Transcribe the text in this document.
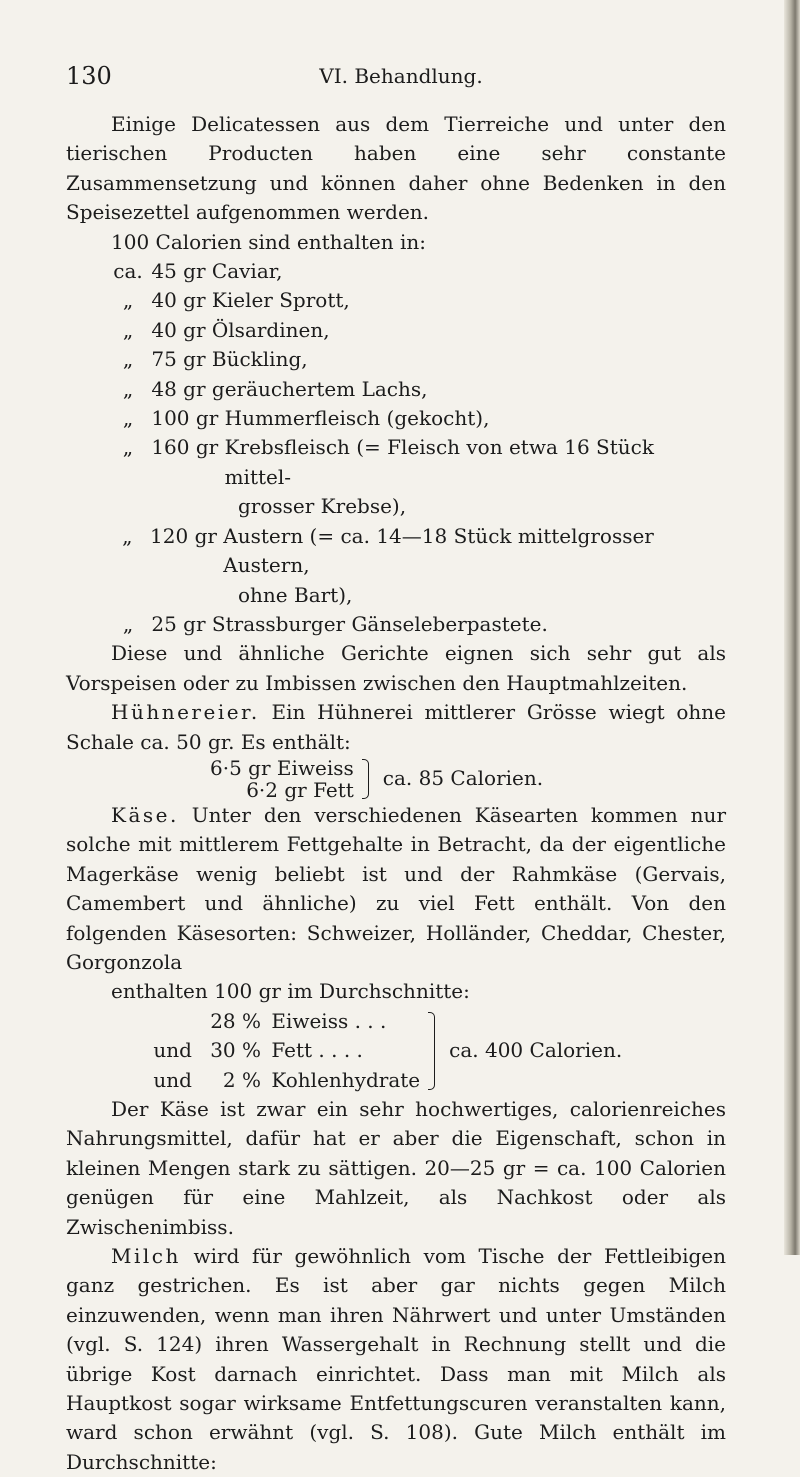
130	VI. Behandlung.

Einige Delicatessen aus dem Tierreiche und unter den tierischen Producten haben eine sehr constante Zusammensetzung und können daher ohne Bedenken in den Speisezettel aufgenommen werden.

100 Calorien sind enthalten in:

ca.
45 gr
Caviar,
„
40 gr
Kieler Sprott,
„
40 gr
Ölsardinen,
„
75 gr
Bückling,
„
48 gr
geräuchertem Lachs,
„
100 gr
Hummerfleisch (gekocht),
„
160 gr
Krebsfleisch (= Fleisch von etwa 16 Stück mittel-
grosser Krebse),
„
120 gr
Austern (= ca. 14—18 Stück mittelgrosser Austern,
ohne Bart),
„
25 gr
Strassburger Gänseleberpastete.

Diese und ähnliche Gerichte eignen sich sehr gut als Vorspeisen oder zu Imbissen zwischen den Hauptmahlzeiten.

Hühnereier. Ein Hühnerei mittlerer Grösse wiegt ohne Schale ca. 50 gr. Es enthält:

6·5 gr Eiweiss
6·2 gr Fett ca. 85 Calorien.

Käse. Unter den verschiedenen Käsearten kommen nur solche mit mittlerem Fettgehalte in Betracht, da der eigentliche Magerkäse wenig beliebt ist und der Rahmkäse (Gervais, Camembert und ähnliche) zu viel Fett enthält. Von den folgenden Käsesorten: Schweizer, Holländer, Cheddar, Chester, Gorgonzola

enthalten 100 gr im Durchschnitte:

28 %
Eiweiss . . .
und 30 %
Fett . . . .
und	2 %
Kohlenhydrate
ca. 400 Calorien.

Der Käse ist zwar ein sehr hochwertiges, calorienreiches Nahrungsmittel, dafür hat er aber die Eigenschaft, schon in kleinen Mengen stark zu sättigen. 20—25 gr = ca. 100 Calorien genügen für eine Mahlzeit, als Nachkost oder als Zwischenimbiss.

Milch wird für gewöhnlich vom Tische der Fettleibigen ganz gestrichen. Es ist aber gar nichts gegen Milch einzuwenden, wenn man ihren Nährwert und unter Umständen (vgl. S. 124) ihren Wassergehalt in Rechnung stellt und die übrige Kost darnach einrichtet. Dass man mit Milch als Hauptkost sogar wirksame Entfettungscuren veranstalten kann, ward schon erwähnt (vgl. S. 108). Gute Milch enthält im Durchschnitte:
